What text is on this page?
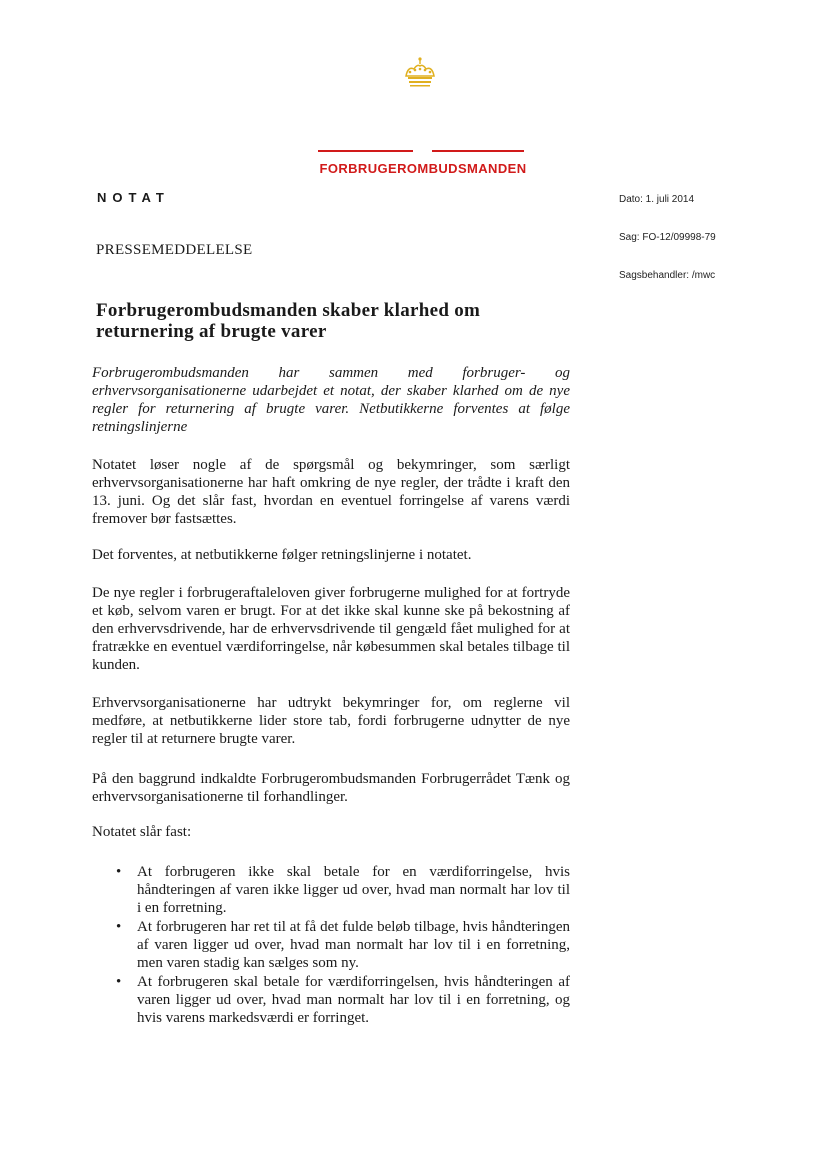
FORBRUGEROMBUDSMANDEN
NOTAT
PRESSEMEDDELELSE
Dato: 1. juli 2014
Sag: FO-12/09998-79
Sagsbehandler: /mwc
Forbrugerombudsmanden skaber klarhed om returnering af brugte varer
Forbrugerombudsmanden har sammen med forbruger- og erhvervsorganisationerne udarbejdet et notat, der skaber klarhed om de nye regler for returnering af brugte varer. Netbutikkerne forventes at følge retningslinjerne
Notatet løser nogle af de spørgsmål og bekymringer, som særligt erhvervsorganisationerne har haft omkring de nye regler, der trådte i kraft den 13. juni. Og det slår fast, hvordan en eventuel forringelse af varens værdi fremover bør fastsættes.
Det forventes, at netbutikkerne følger retningslinjerne i notatet.
De nye regler i forbrugeraftaleloven giver forbrugerne mulighed for at fortryde et køb, selvom varen er brugt. For at det ikke skal kunne ske på bekostning af den erhvervsdrivende, har de erhvervsdrivende til gengæld fået mulighed for at fratrække en eventuel værdiforringelse, når købesummen skal betales tilbage til kunden.
Erhvervsorganisationerne har udtrykt bekymringer for, om reglerne vil medføre, at netbutikkerne lider store tab, fordi forbrugerne udnytter de nye regler til at returnere brugte varer.
På den baggrund indkaldte Forbrugerombudsmanden Forbrugerrådet Tænk og erhvervsorganisationerne til forhandlinger.
Notatet slår fast:
• At forbrugeren ikke skal betale for en værdiforringelse, hvis håndteringen af varen ikke ligger ud over, hvad man normalt har lov til i en forretning.
• At forbrugeren har ret til at få det fulde beløb tilbage, hvis håndteringen af varen ligger ud over, hvad man normalt har lov til i en forretning, men varen stadig kan sælges som ny.
• At forbrugeren skal betale for værdiforringelsen, hvis håndteringen af varen ligger ud over, hvad man normalt har lov til i en forretning, og hvis varens markedsværdi er forringet.
